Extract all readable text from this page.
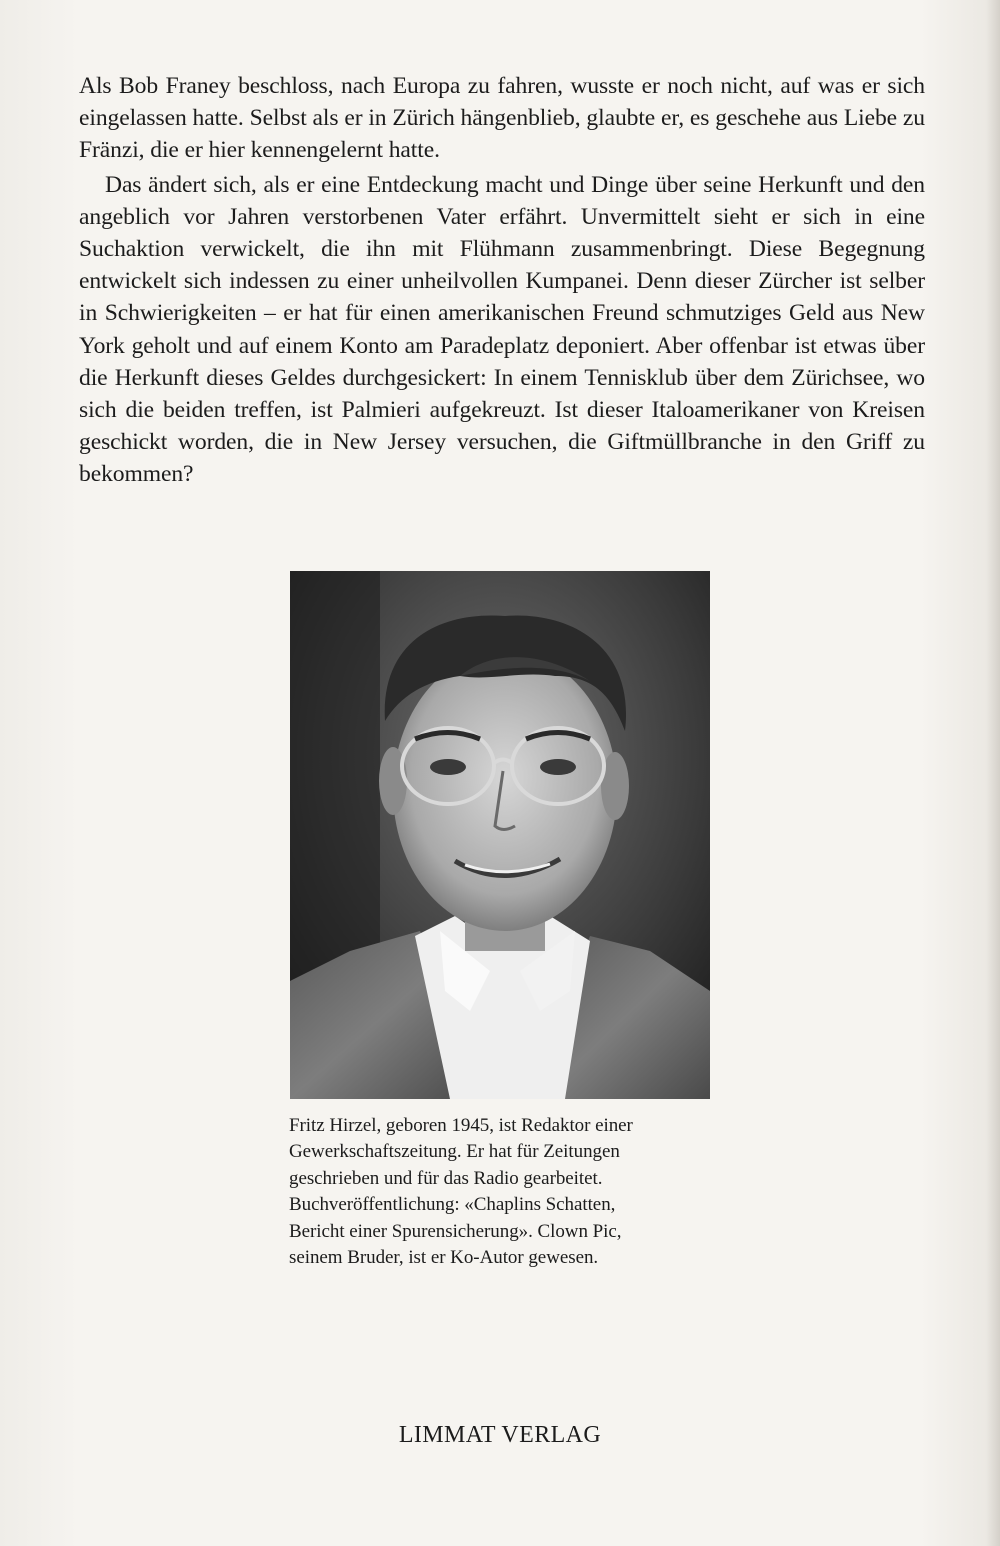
Als Bob Franey beschloss, nach Europa zu fahren, wusste er noch nicht, auf was er sich eingelassen hatte. Selbst als er in Zürich hängenblieb, glaubte er, es geschehe aus Liebe zu Fränzi, die er hier kennengelernt hatte.

Das ändert sich, als er eine Entdeckung macht und Dinge über seine Herkunft und den angeblich vor Jahren verstorbenen Vater erfährt. Unvermittelt sieht er sich in eine Suchaktion verwickelt, die ihn mit Flühmann zusammenbringt. Diese Begegnung entwickelt sich indessen zu einer unheilvollen Kumpanei. Denn dieser Zürcher ist selber in Schwierigkeiten – er hat für einen amerikanischen Freund schmutziges Geld aus New York geholt und auf einem Konto am Paradeplatz deponiert. Aber offenbar ist etwas über die Herkunft dieses Geldes durchgesickert: In einem Tennisklub über dem Zürichsee, wo sich die beiden treffen, ist Palmieri aufgekreuzt. Ist dieser Italoamerikaner von Kreisen geschickt worden, die in New Jersey versuchen, die Giftmüllbranche in den Griff zu bekommen?

Fritz Hirzel, geboren 1945, ist Redaktor einer
Gewerkschaftszeitung. Er hat für Zeitungen
geschrieben und für das Radio gearbeitet.
Buchveröffentlichung: «Chaplins Schatten,
Bericht einer Spurensicherung». Clown Pic,
seinem Bruder, ist er Ko-Autor gewesen.
LIMMAT VERLAG
